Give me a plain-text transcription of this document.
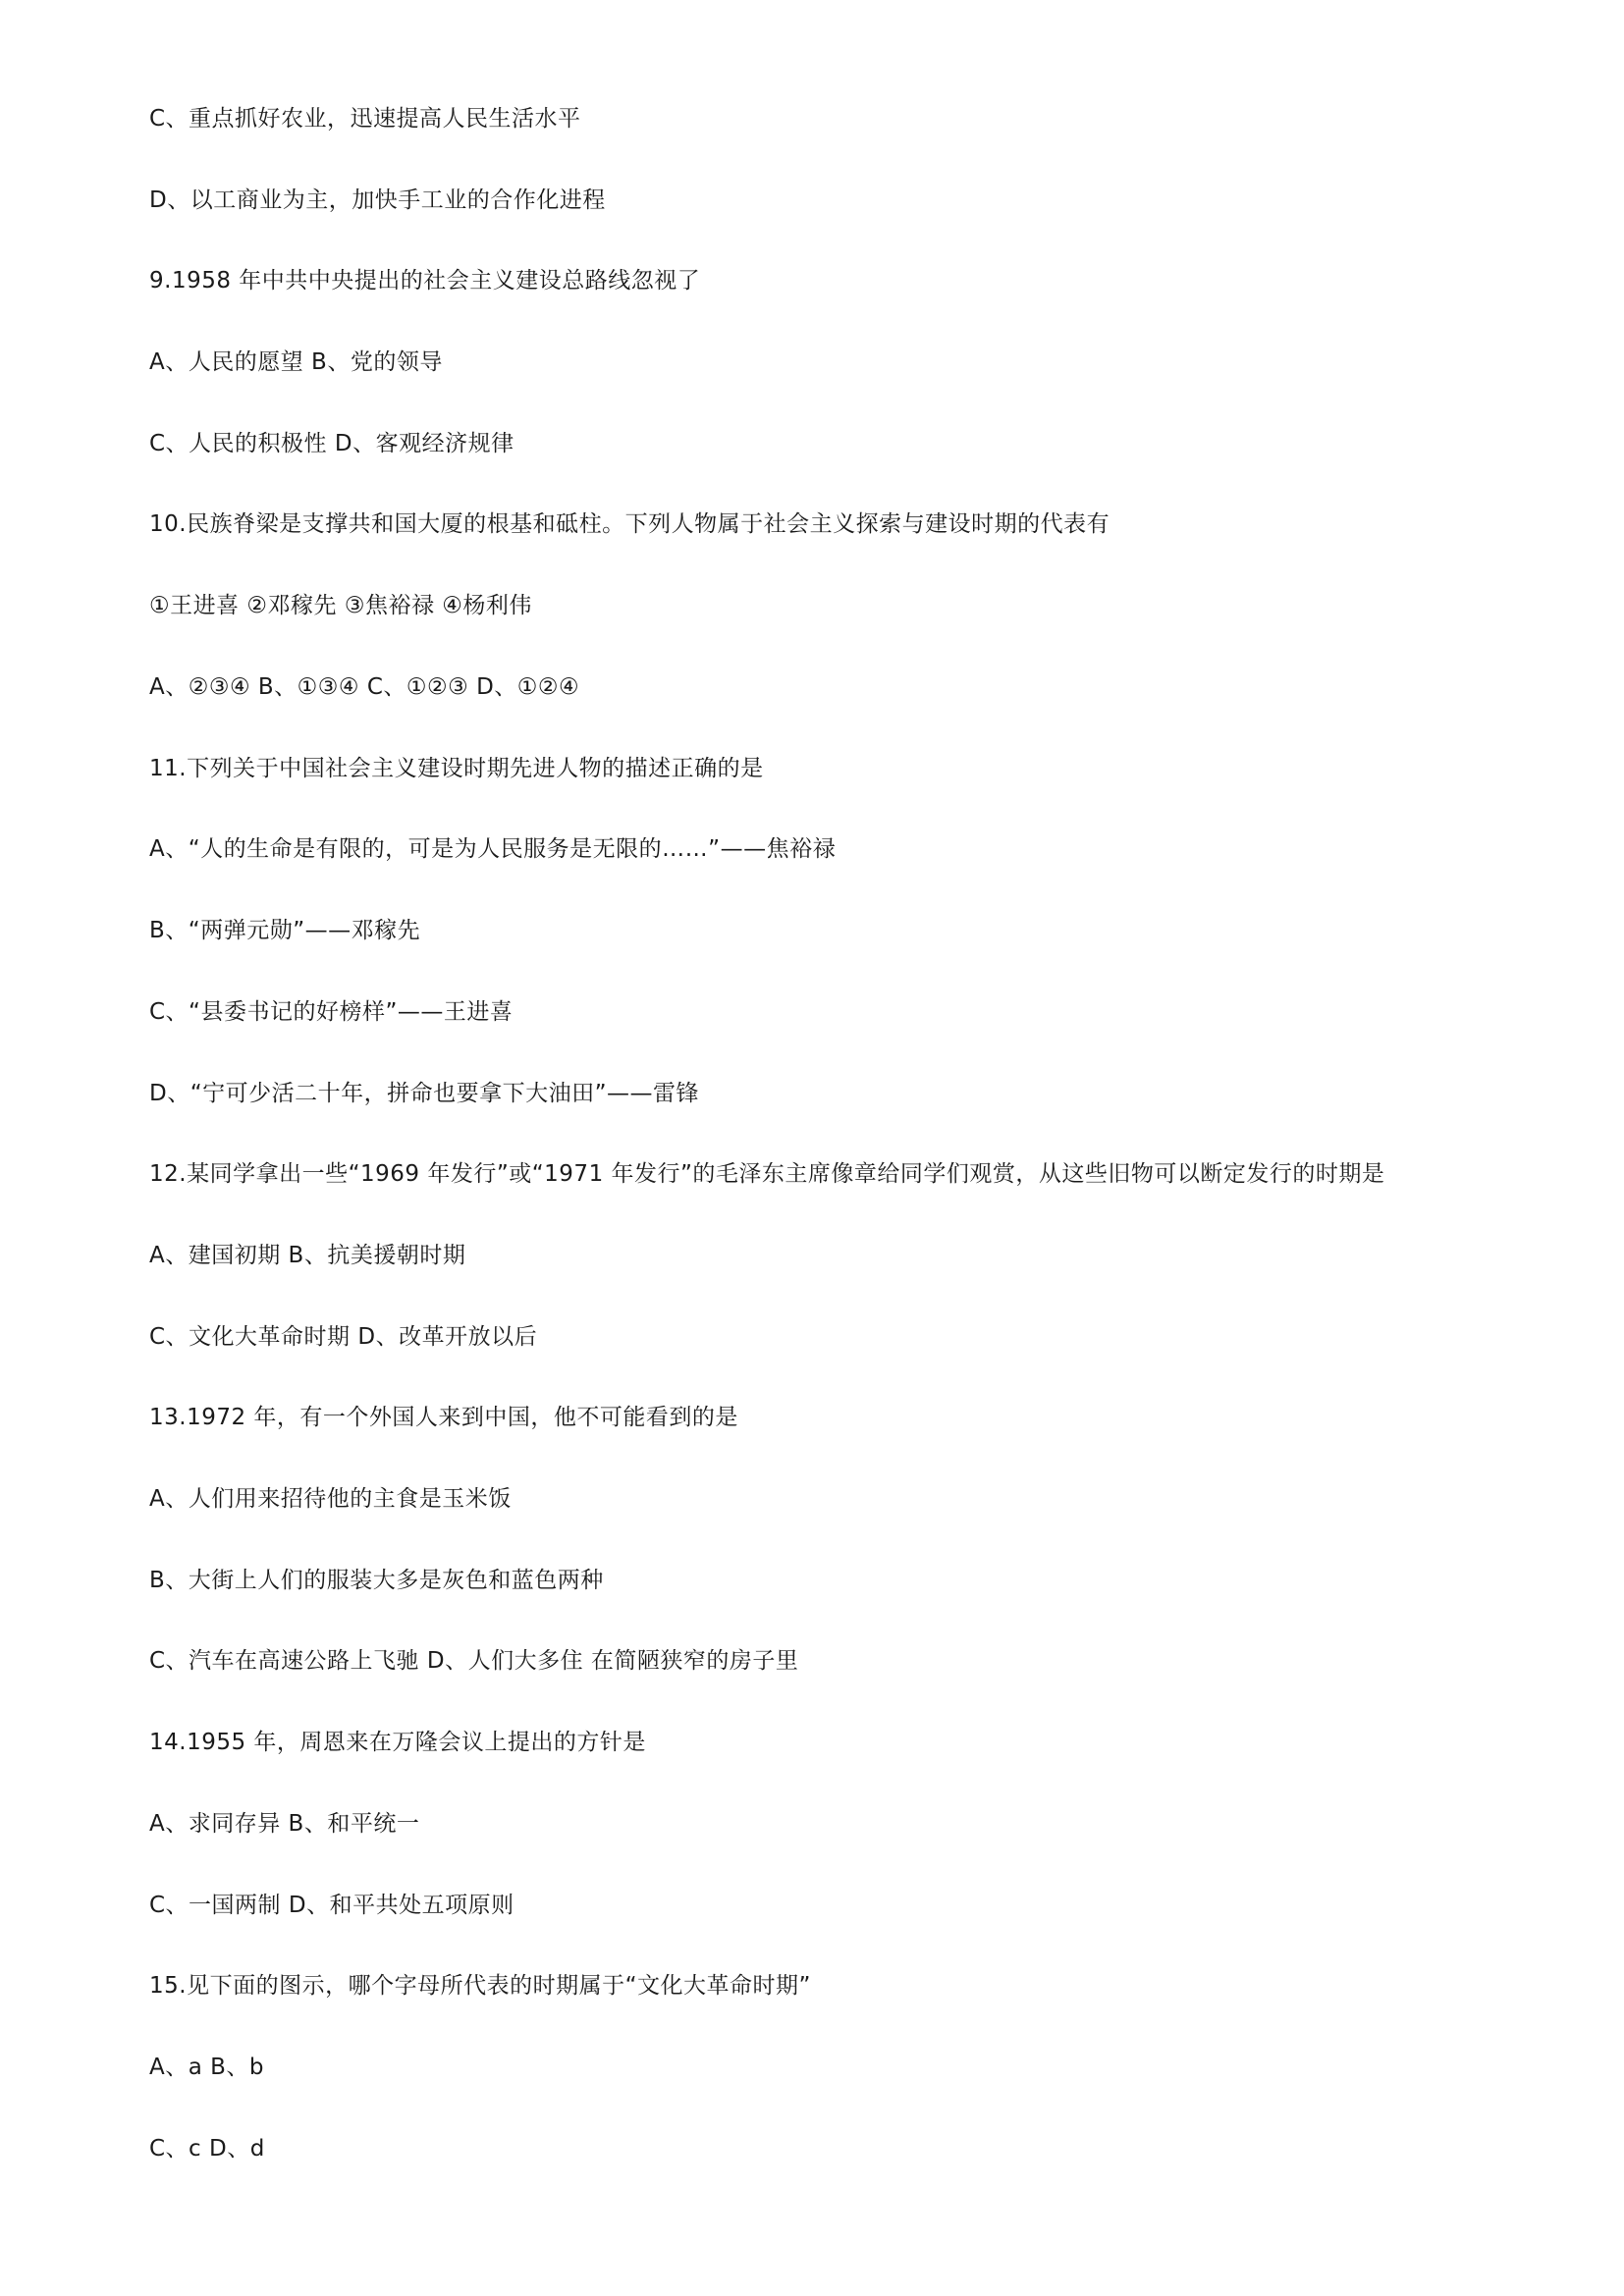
C、重点抓好农业，迅速提高人民生活水平
D、以工商业为主，加快手工业的合作化进程
9.1958 年中共中央提出的社会主义建设总路线忽视了
A、人民的愿望 B、党的领导
C、人民的积极性 D、客观经济规律
10.民族脊梁是支撑共和国大厦的根基和砥柱。下列人物属于社会主义探索与建设时期的代表有
①王进喜 ②邓稼先 ③焦裕禄 ④杨利伟
A、②③④ B、①③④ C、①②③ D、①②④
11.下列关于中国社会主义建设时期先进人物的描述正确的是
A、“人的生命是有限的，可是为人民服务是无限的……”——焦裕禄
B、“两弹元勋”——邓稼先
C、“县委书记的好榜样”——王进喜
D、“宁可少活二十年，拼命也要拿下大油田”——雷锋
12.某同学拿出一些“1969 年发行”或“1971 年发行”的毛泽东主席像章给同学们观赏，从这些旧物可以断定发行的时期是
A、建国初期 B、抗美援朝时期
C、文化大革命时期 D、改革开放以后
13.1972 年，有一个外国人来到中国，他不可能看到的是
A、人们用来招待他的主食是玉米饭
B、大街上人们的服装大多是灰色和蓝色两种
C、汽车在高速公路上飞驰 D、人们大多住 在简陋狭窄的房子里
14.1955 年，周恩来在万隆会议上提出的方针是
A、求同存异 B、和平统一
C、一国两制 D、和平共处五项原则
15.见下面的图示，哪个字母所代表的时期属于“文化大革命时期”
A、a B、b
C、c D、d
